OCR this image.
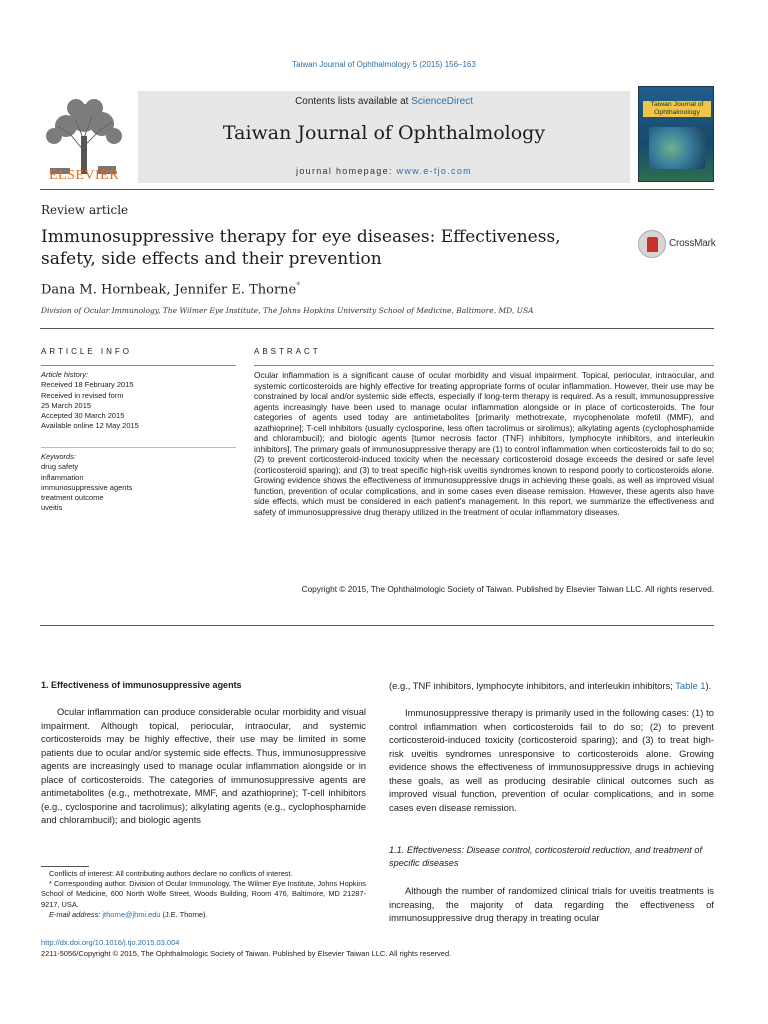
Taiwan Journal of Ophthalmology 5 (2015) 156–163
ELSEVIER
Contents lists available at ScienceDirect
Taiwan Journal of Ophthalmology
journal homepage: www.e-tjo.com
Taiwan Journal of Ophthalmology
Review article
Immunosuppressive therapy for eye diseases: Effectiveness, safety, side effects and their prevention
CrossMark
Dana M. Hornbeak, Jennifer E. Thorne*
Division of Ocular Immunology, The Wilmer Eye Institute, The Johns Hopkins University School of Medicine, Baltimore, MD, USA
ARTICLE INFO	ABSTRACT
Article history:
Received 18 February 2015
Received in revised form
25 March 2015
Accepted 30 March 2015
Available online 12 May 2015
Keywords:
drug safety
inflammation
immunosuppressive agents
treatment outcome
uveitis
Ocular inflammation is a significant cause of ocular morbidity and visual impairment. Topical, periocular, intraocular, and systemic corticosteroids are highly effective for treating appropriate forms of ocular inflammation. However, their use may be constrained by local and/or systemic side effects, especially if long-term therapy is required. As a result, immunosuppressive agents increasingly have been used to manage ocular inflammation alongside or in place of corticosteroids. The four categories of agents used today are antimetabolites [primarily methotrexate, mycophenolate mofetil (MMF), and azathioprine]; T-cell inhibitors (usually cyclosporine, less often tacrolimus or sirolimus); alkylating agents (cyclophosphamide and chlorambucil); and biologic agents [tumor necrosis factor (TNF) inhibitors, lymphocyte inhibitors, and interleukin inhibitors]. The primary goals of immunosuppressive therapy are (1) to control inflammation when corticosteroids fail to do so; (2) to prevent corticosteroid-induced toxicity when the necessary corticosteroid dosage exceeds the desired or safe level (corticosteroid sparing); and (3) to treat specific high-risk uveitis syndromes known to respond poorly to corticosteroids alone. Growing evidence shows the effectiveness of immunosuppressive drugs in achieving these goals, as well as improved visual function, prevention of ocular complications, and in some cases even disease remission. However, these agents also have side effects, which must be considered in each patient's management. In this report, we summarize the effectiveness and safety of immunosuppressive drug therapy utilized in the treatment of ocular inflammatory diseases.
Copyright © 2015, The Ophthalmologic Society of Taiwan. Published by Elsevier Taiwan LLC. All rights reserved.
1. Effectiveness of immunosuppressive agents
Ocular inflammation can produce considerable ocular morbidity and visual impairment. Although topical, periocular, intraocular, and systemic corticosteroids may be highly effective, their use may be limited in some patients due to ocular and/or systemic side effects. Thus, immunosuppressive agents are increasingly used to manage ocular inflammation alongside or in place of corticosteroids. The categories of immunosuppressive agents are antimetabolites (e.g., methotrexate, MMF, and azathioprine); T-cell inhibitors (e.g., cyclosporine and tacrolimus); alkylating agents (e.g., cyclophosphamide and chlorambucil); and biologic agents
(e.g., TNF inhibitors, lymphocyte inhibitors, and interleukin inhibitors; Table 1).
Immunosuppressive therapy is primarily used in the following cases: (1) to control inflammation when corticosteroids fail to do so; (2) to prevent corticosteroid-induced toxicity (corticosteroid sparing); and (3) to treat high-risk uveitis syndromes unresponsive to corticosteroids alone. Growing evidence shows the effectiveness of immunosuppressive drugs in achieving these goals, as well as producing desirable clinical outcomes such as improved visual function, prevention of ocular complications, and in some cases even disease remission.
1.1. Effectiveness: Disease control, corticosteroid reduction, and treatment of specific diseases
Although the number of randomized clinical trials for uveitis treatments is increasing, the majority of data regarding the effectiveness of immunosuppressive drug therapy in treating ocular

Conflicts of interest: All contributing authors declare no conflicts of interest.

* Corresponding author. Division of Ocular Immunology, The Wilmer Eye Institute, Johns Hopkins School of Medicine, 600 North Wolfe Street, Woods Building, Room 476, Baltimore, MD 21287-9217, USA.

E-mail address: jthorne@jhmi.edu (J.E. Thorne).

http://dx.doi.org/10.1016/j.tjo.2015.03.004
2211-5056/Copyright © 2015, The Ophthalmologic Society of Taiwan. Published by Elsevier Taiwan LLC. All rights reserved.
